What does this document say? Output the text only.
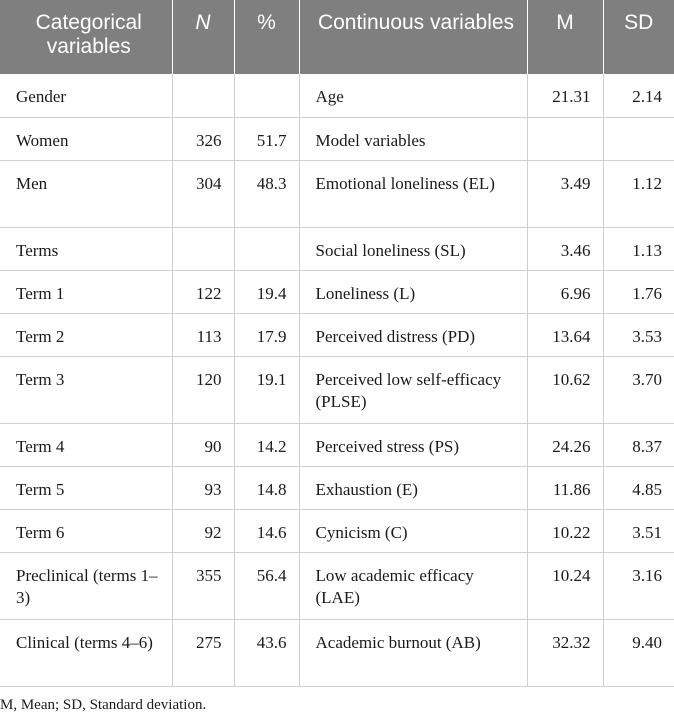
Categorical variables	N	%	Continuous variables	M	SD
Gender			Age	21.31	2.14
Women	326	51.7	Model variables		
Men	304	48.3	Emotional loneliness (EL)	3.49	1.12
Terms			Social loneliness (SL)	3.46	1.13
Term 1	122	19.4	Loneliness (L)	6.96	1.76
Term 2	113	17.9	Perceived distress (PD)	13.64	3.53
Term 3	120	19.1	Perceived low self-efficacy (PLSE)	10.62	3.70
Term 4	90	14.2	Perceived stress (PS)	24.26	8.37
Term 5	93	14.8	Exhaustion (E)	11.86	4.85
Term 6	92	14.6	Cynicism (C)	10.22	3.51
Preclinical (terms 1–3)	355	56.4	Low academic efficacy (LAE)	10.24	3.16
Clinical (terms 4–6)	275	43.6	Academic burnout (AB)	32.32	9.40

M, Mean; SD, Standard deviation.
